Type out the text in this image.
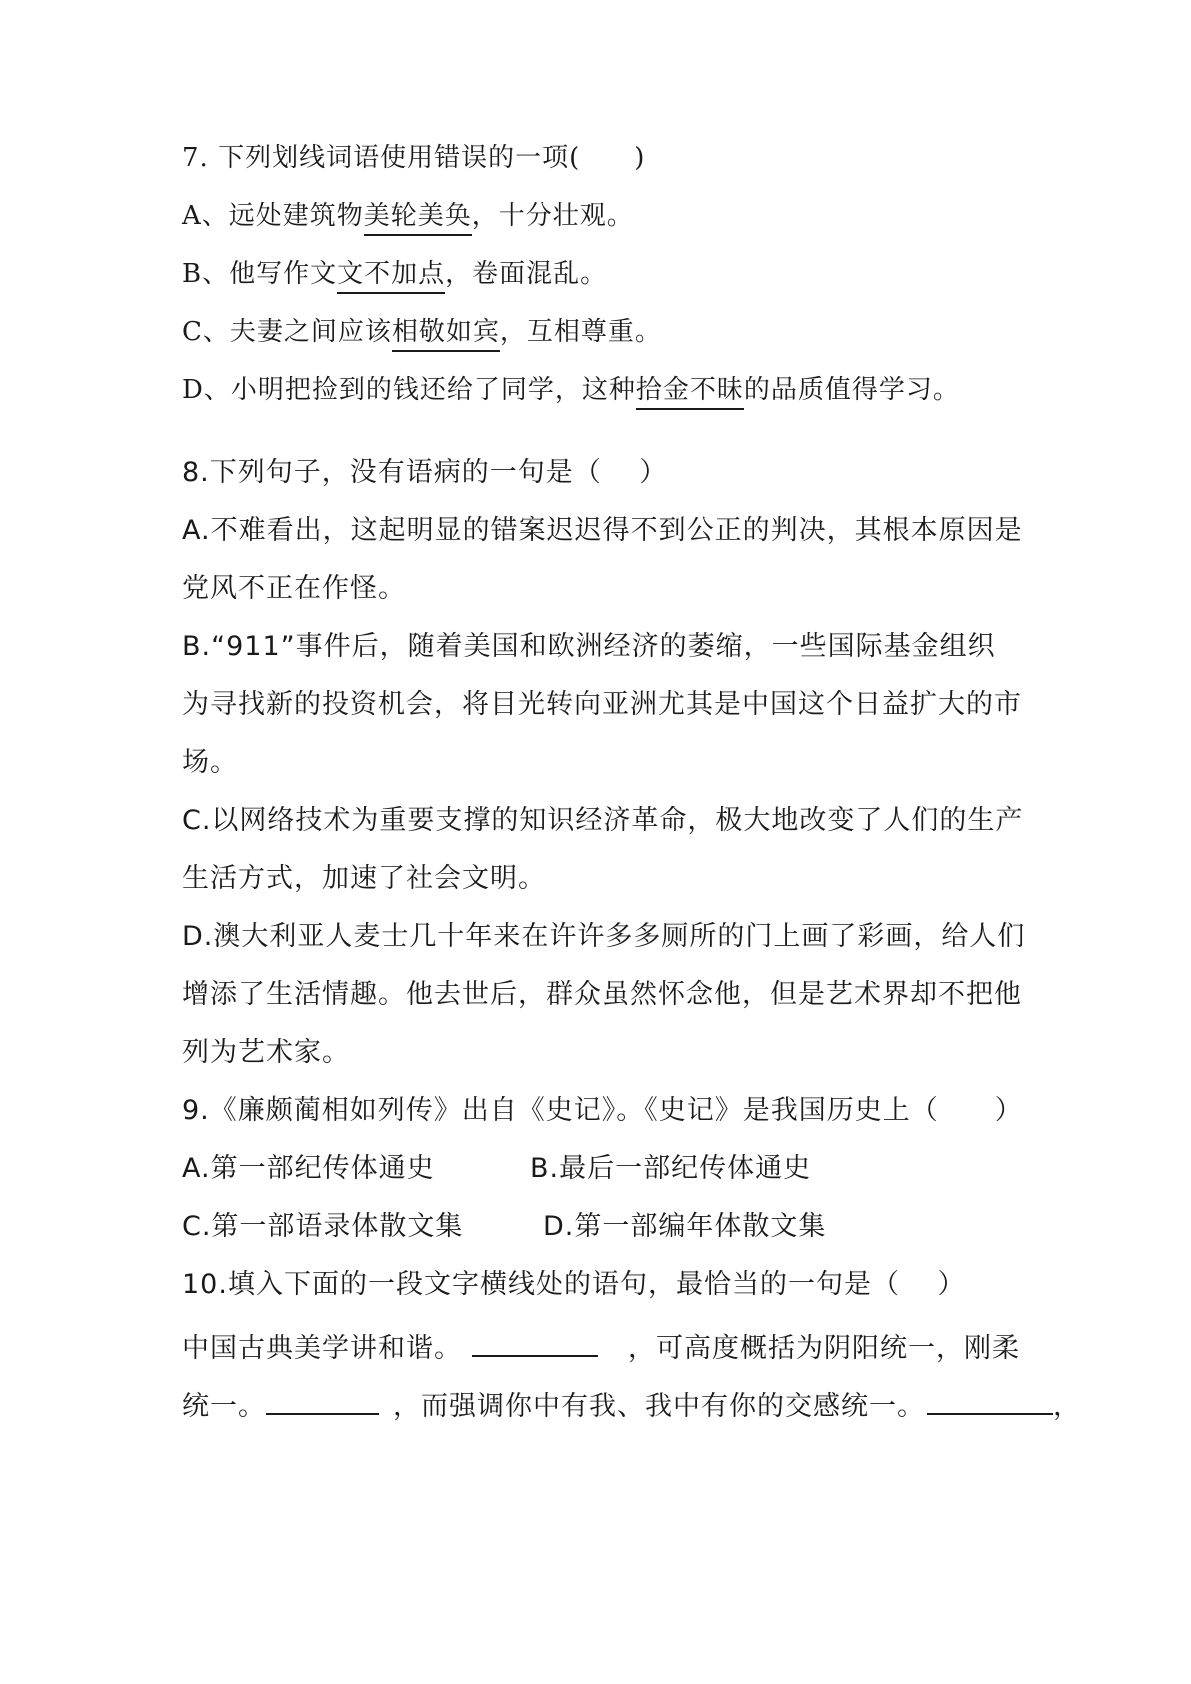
7. 下列划线词语使用错误的一项(　　)
A、远处建筑物美轮美奂，十分壮观。
B、他写作文文不加点，卷面混乱。
C、夫妻之间应该相敬如宾，互相尊重。
D、小明把捡到的钱还给了同学，这种拾金不昧的品质值得学习。
8.下列句子，没有语病的一句是（　 ）
A.不难看出，这起明显的错案迟迟得不到公正的判决，其根本原因是
党风不正在作怪。
B.“911”事件后，随着美国和欧洲经济的萎缩，一些国际基金组织
为寻找新的投资机会，将目光转向亚洲尤其是中国这个日益扩大的市
场。
C.以网络技术为重要支撑的知识经济革命，极大地改变了人们的生产
生活方式，加速了社会文明。
D.澳大利亚人麦士几十年来在许许多多厕所的门上画了彩画，给人们
增添了生活情趣。他去世后，群众虽然怀念他，但是艺术界却不把他
列为艺术家。
9.《廉颇蔺相如列传》出自《史记》。《史记》是我国历史上（　　）
A.第一部纪传体通史	B.最后一部纪传体通史
C.第一部语录体散文集	D.第一部编年体散文集
10.填入下面的一段文字横线处的语句，最恰当的一句是（　 ）
中国古典美学讲和谐。	，可高度概括为阴阳统一，刚柔
统一。	，而强调你中有我、我中有你的交感统一。	，
